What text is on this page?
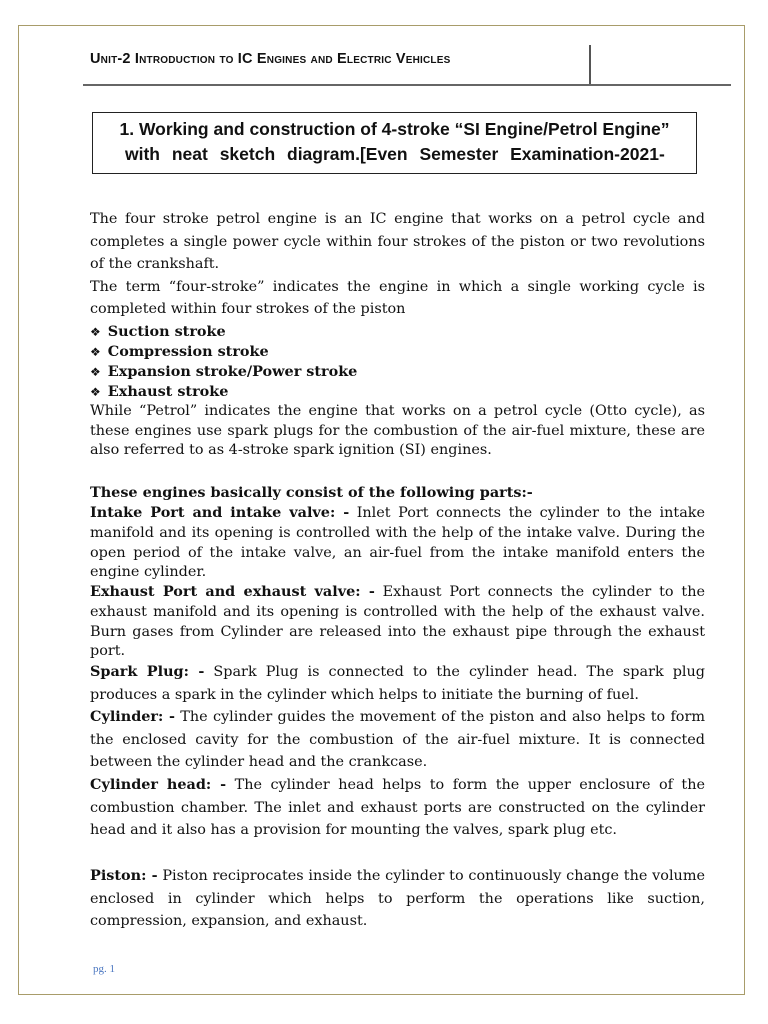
Unit-2 Introduction to IC Engines and Electric Vehicles
1. Working and construction of 4-stroke “SI Engine/Petrol Engine”
with neat sketch diagram.[Even Semester Examination-2021-
The four stroke petrol engine is an IC engine that works on a petrol cycle and completes a single power cycle within four strokes of the piston or two revolutions of the crankshaft.
The term “four-stroke” indicates the engine in which a single working cycle is completed within four strokes of the piston
❖ Suction stroke
❖ Compression stroke
❖ Expansion stroke/Power stroke
❖ Exhaust stroke
While “Petrol” indicates the engine that works on a petrol cycle (Otto cycle), as these engines use spark plugs for the combustion of the air-fuel mixture, these are also referred to as 4-stroke spark ignition (SI) engines.
These engines basically consist of the following parts:-
Intake Port and intake valve: - Inlet Port connects the cylinder to the intake manifold and its opening is controlled with the help of the intake valve. During the open period of the intake valve, an air-fuel from the intake manifold enters the engine cylinder.
Exhaust Port and exhaust valve: - Exhaust Port connects the cylinder to the exhaust manifold and its opening is controlled with the help of the exhaust valve. Burn gases from Cylinder are released into the exhaust pipe through the exhaust port.
Spark Plug: - Spark Plug is connected to the cylinder head. The spark plug produces a spark in the cylinder which helps to initiate the burning of fuel.
Cylinder: - The cylinder guides the movement of the piston and also helps to form the enclosed cavity for the combustion of the air-fuel mixture. It is connected between the cylinder head and the crankcase.
Cylinder head: - The cylinder head helps to form the upper enclosure of the combustion chamber. The inlet and exhaust ports are constructed on the cylinder head and it also has a provision for mounting the valves, spark plug etc.
Piston: - Piston reciprocates inside the cylinder to continuously change the volume enclosed in cylinder which helps to perform the operations like suction, compression, expansion, and exhaust.
pg. 1
